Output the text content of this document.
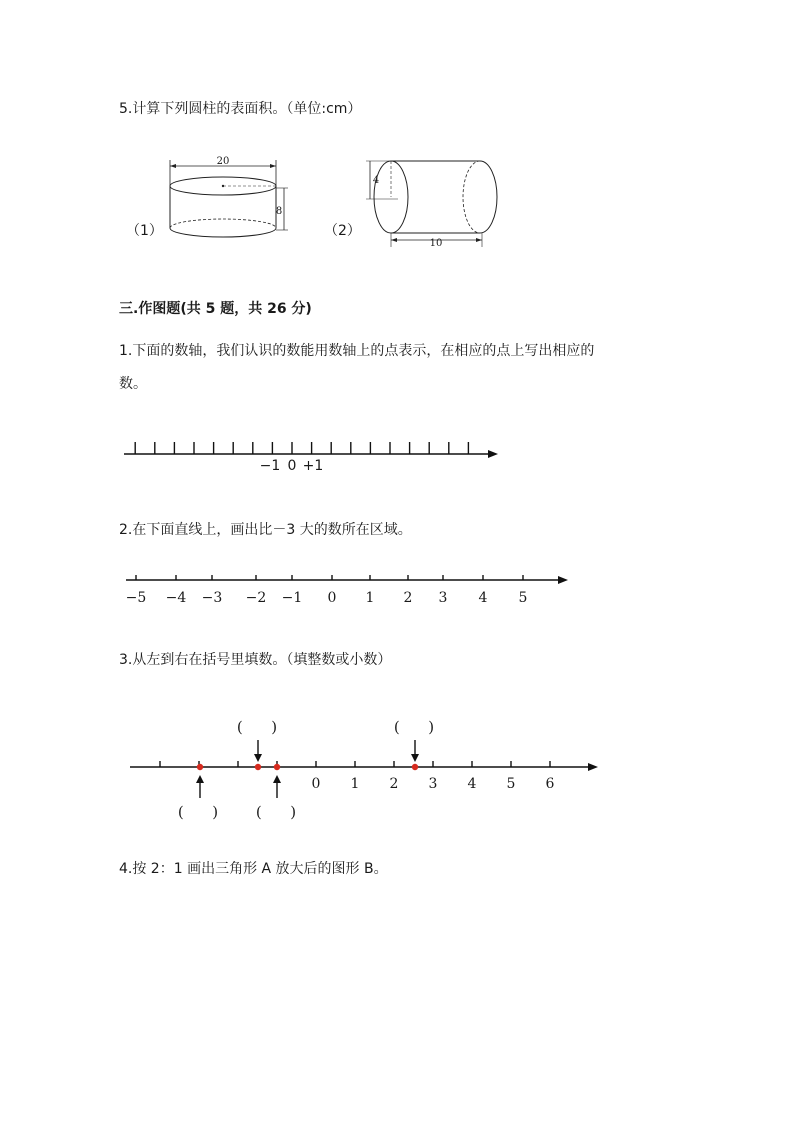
5.计算下列圆柱的表面积。（单位:cm）
（1）
20
8
（2）
4
10
三.作图题(共 5 题，共 26 分)
1.下面的数轴，我们认识的数能用数轴上的点表示，在相应的点上写出相应的
数。
−1 0 +1
2.在下面直线上，画出比－3 大的数所在区域。
−5 −4 −3 −2 −1 0 1 2 3 4 5
3.从左到右在括号里填数。（填整数或小数）
0 1 2 3 4 5 6
(      )	(      )
(      )	(      )
4.按 2：1 画出三角形 A 放大后的图形 B。
